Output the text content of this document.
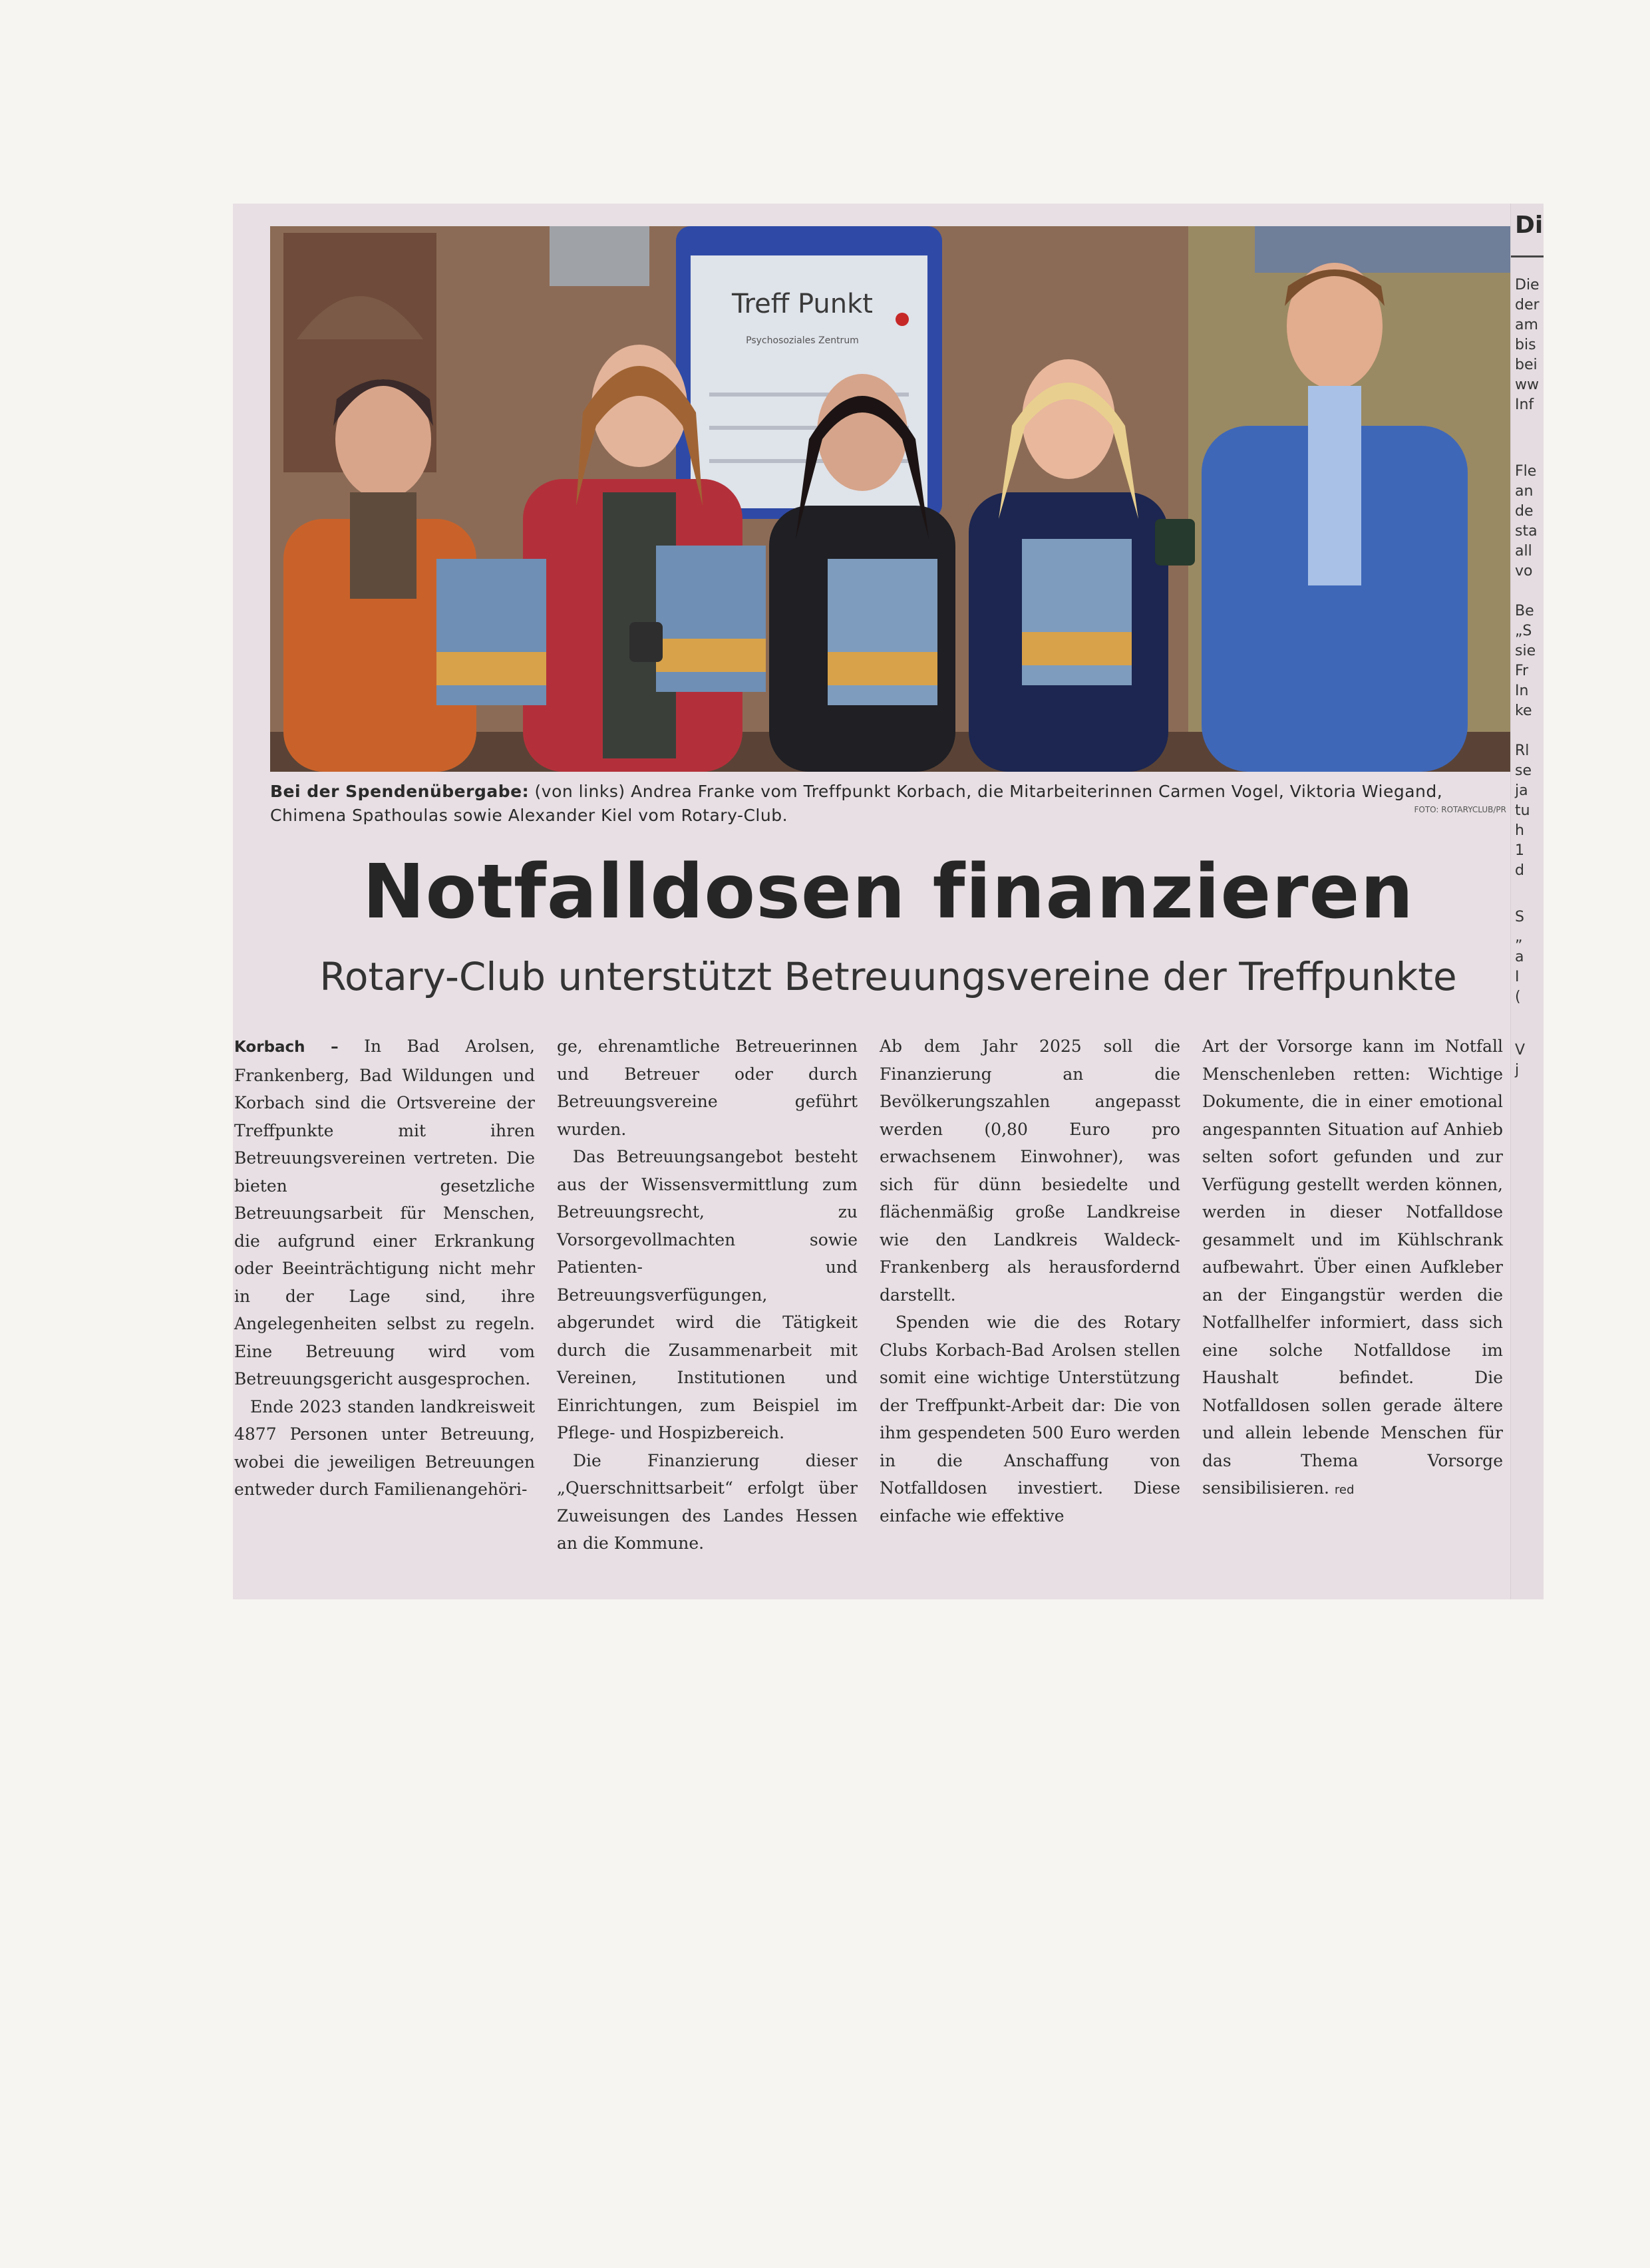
Treff Punkt
Psychosoziales Zentrum
Bei der Spendenübergabe: (von links) Andrea Franke vom Treffpunkt Korbach, die Mitarbeiterinnen Carmen Vogel, Viktoria Wiegand, Chimena Spathoulas sowie Alexander Kiel vom Rotary-Club.	FOTO: ROTARYCLUB/PR
Notfalldosen finanzieren
Rotary-Club unterstützt Betreuungsvereine der Treffpunkte

Korbach – In Bad Arolsen, Frankenberg, Bad Wildungen und Korbach sind die Ortsvereine der Treffpunkte mit ihren Betreuungsvereinen vertreten. Die bieten gesetzliche Betreuungsarbeit für Menschen, die aufgrund einer Erkrankung oder Beeinträchtigung nicht mehr in der Lage sind, ihre Angelegenheiten selbst zu regeln. Eine Betreuung wird vom Betreuungsgericht ausgesprochen.

Ende 2023 standen landkreisweit 4877 Personen unter Betreuung, wobei die jeweiligen Betreuungen entweder durch Familienangehöri-

ge, ehrenamtliche Betreuerinnen und Betreuer oder durch Betreuungsvereine geführt wurden.

Das Betreuungsangebot besteht aus der Wissensvermittlung zum Betreuungsrecht, zu Vorsorgevollmachten sowie Patienten- und Betreuungsverfügungen, abgerundet wird die Tätigkeit durch die Zusammenarbeit mit Vereinen, Institutionen und Einrichtungen, zum Beispiel im Pflege- und Hospizbereich.

Die Finanzierung dieser „Querschnittsarbeit“ erfolgt über Zuweisungen des Landes Hessen an die Kommune.

Ab dem Jahr 2025 soll die Finanzierung an die Bevölkerungszahlen angepasst werden (0,80 Euro pro erwachsenem Einwohner), was sich für dünn besiedelte und flächenmäßig große Landkreise wie den Landkreis Waldeck-Frankenberg als herausfordernd darstellt.

Spenden wie die des Rotary Clubs Korbach-Bad Arolsen stellen somit eine wichtige Unterstützung der Treffpunkt-Arbeit dar: Die von ihm gespendeten 500 Euro werden in die Anschaffung von Notfalldosen investiert. Diese einfache wie effektive

Art der Vorsorge kann im Notfall Menschenleben retten: Wichtige Dokumente, die in einer emotional angespannten Situation auf Anhieb selten sofort gefunden und zur Verfügung gestellt werden können, werden in dieser Notfalldose gesammelt und im Kühlschrank aufbewahrt. Über einen Aufkleber an der Eingangstür werden die Notfallhelfer informiert, dass sich eine solche Notfalldose im Haushalt befindet. Die Notfalldosen sollen gerade ältere und allein lebende Menschen für das Thema Vorsorge sensibilisieren. red

Di
Die
der
am
bis
bei
ww
Inf
Fle
an
de
sta
all
vo
Be
„S
sie
Fr
In
ke
Rl
se
ja
tu
h
1
d
S
„
a
I
(
V
j
